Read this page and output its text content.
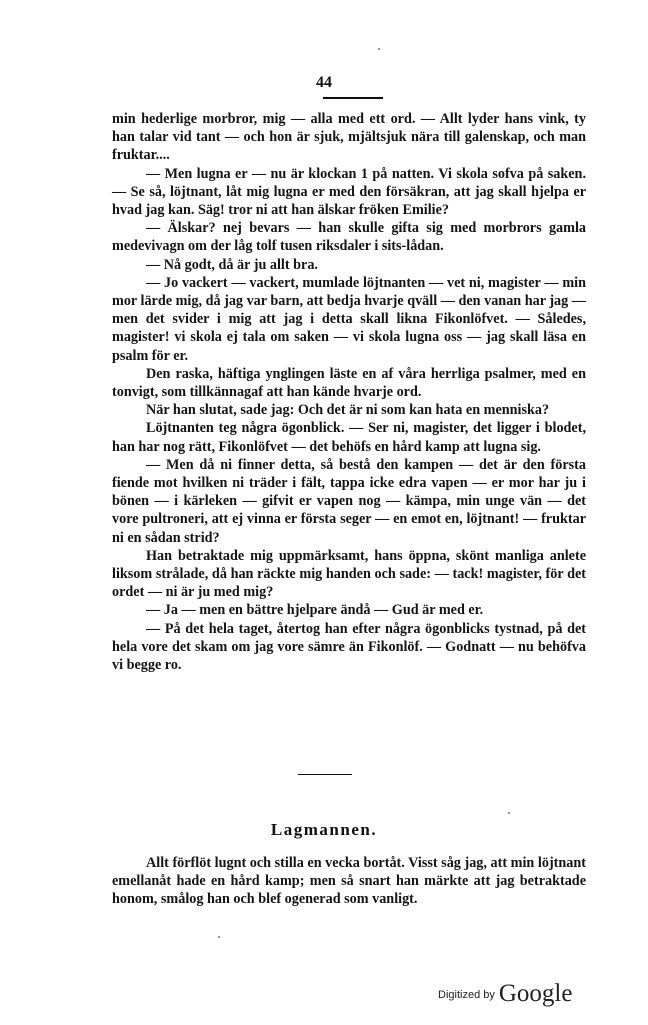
44

min hederlige morbror, mig — alla med ett ord. — Allt lyder hans vink, ty han talar vid tant — och hon är sjuk, mjältsjuk nära till galenskap, och man fruktar....

— Men lugna er — nu är klockan 1 på natten. Vi skola sofva på saken. — Se så, löjtnant, låt mig lugna er med den försäkran, att jag skall hjelpa er hvad jag kan. Säg! tror ni att han älskar fröken Emilie?

— Älskar? nej bevars — han skulle gifta sig med morbrors gamla medevivagn om der låg tolf tusen riksdaler i sits-lådan.

— Nå godt, då är ju allt bra.

— Jo vackert — vackert, mumlade löjtnanten — vet ni, magister — min mor lärde mig, då jag var barn, att bedja hvarje qväll — den vanan har jag — men det svider i mig att jag i detta skall likna Fikonlöfvet. — Således, magister! vi skola ej tala om saken — vi skola lugna oss — jag skall läsa en psalm för er.

Den raska, häftiga ynglingen läste en af våra herrliga psalmer, med en tonvigt, som tillkännagaf att han kände hvarje ord.

När han slutat, sade jag: Och det är ni som kan hata en menniska?

Löjtnanten teg några ögonblick. — Ser ni, magister, det ligger i blodet, han har nog rätt, Fikonlöfvet — det behöfs en hård kamp att lugna sig.

— Men då ni finner detta, så bestå den kampen — det är den första fiende mot hvilken ni träder i fält, tappa icke edra vapen — er mor har ju i bönen — i kärleken — gifvit er vapen nog — kämpa, min unge vän — det vore pultroneri, att ej vinna er första seger — en emot en, löjtnant! — fruktar ni en sådan strid?

Han betraktade mig uppmärksamt, hans öppna, skönt manliga anlete liksom strålade, då han räckte mig handen och sade: — tack! magister, för det ordet — ni är ju med mig?

— Ja — men en bättre hjelpare ändå — Gud är med er.

— På det hela taget, återtog han efter några ögonblicks tystnad, på det hela vore det skam om jag vore sämre än Fikonlöf. — Godnatt — nu behöfva vi begge ro.

Lagmannen.

Allt förflöt lugnt och stilla en vecka bortåt. Visst såg jag, att min löjtnant emellanåt hade en hård kamp; men så snart han märkte att jag betraktade honom, smålog han och blef ogenerad som vanligt.

Digitized by Google
